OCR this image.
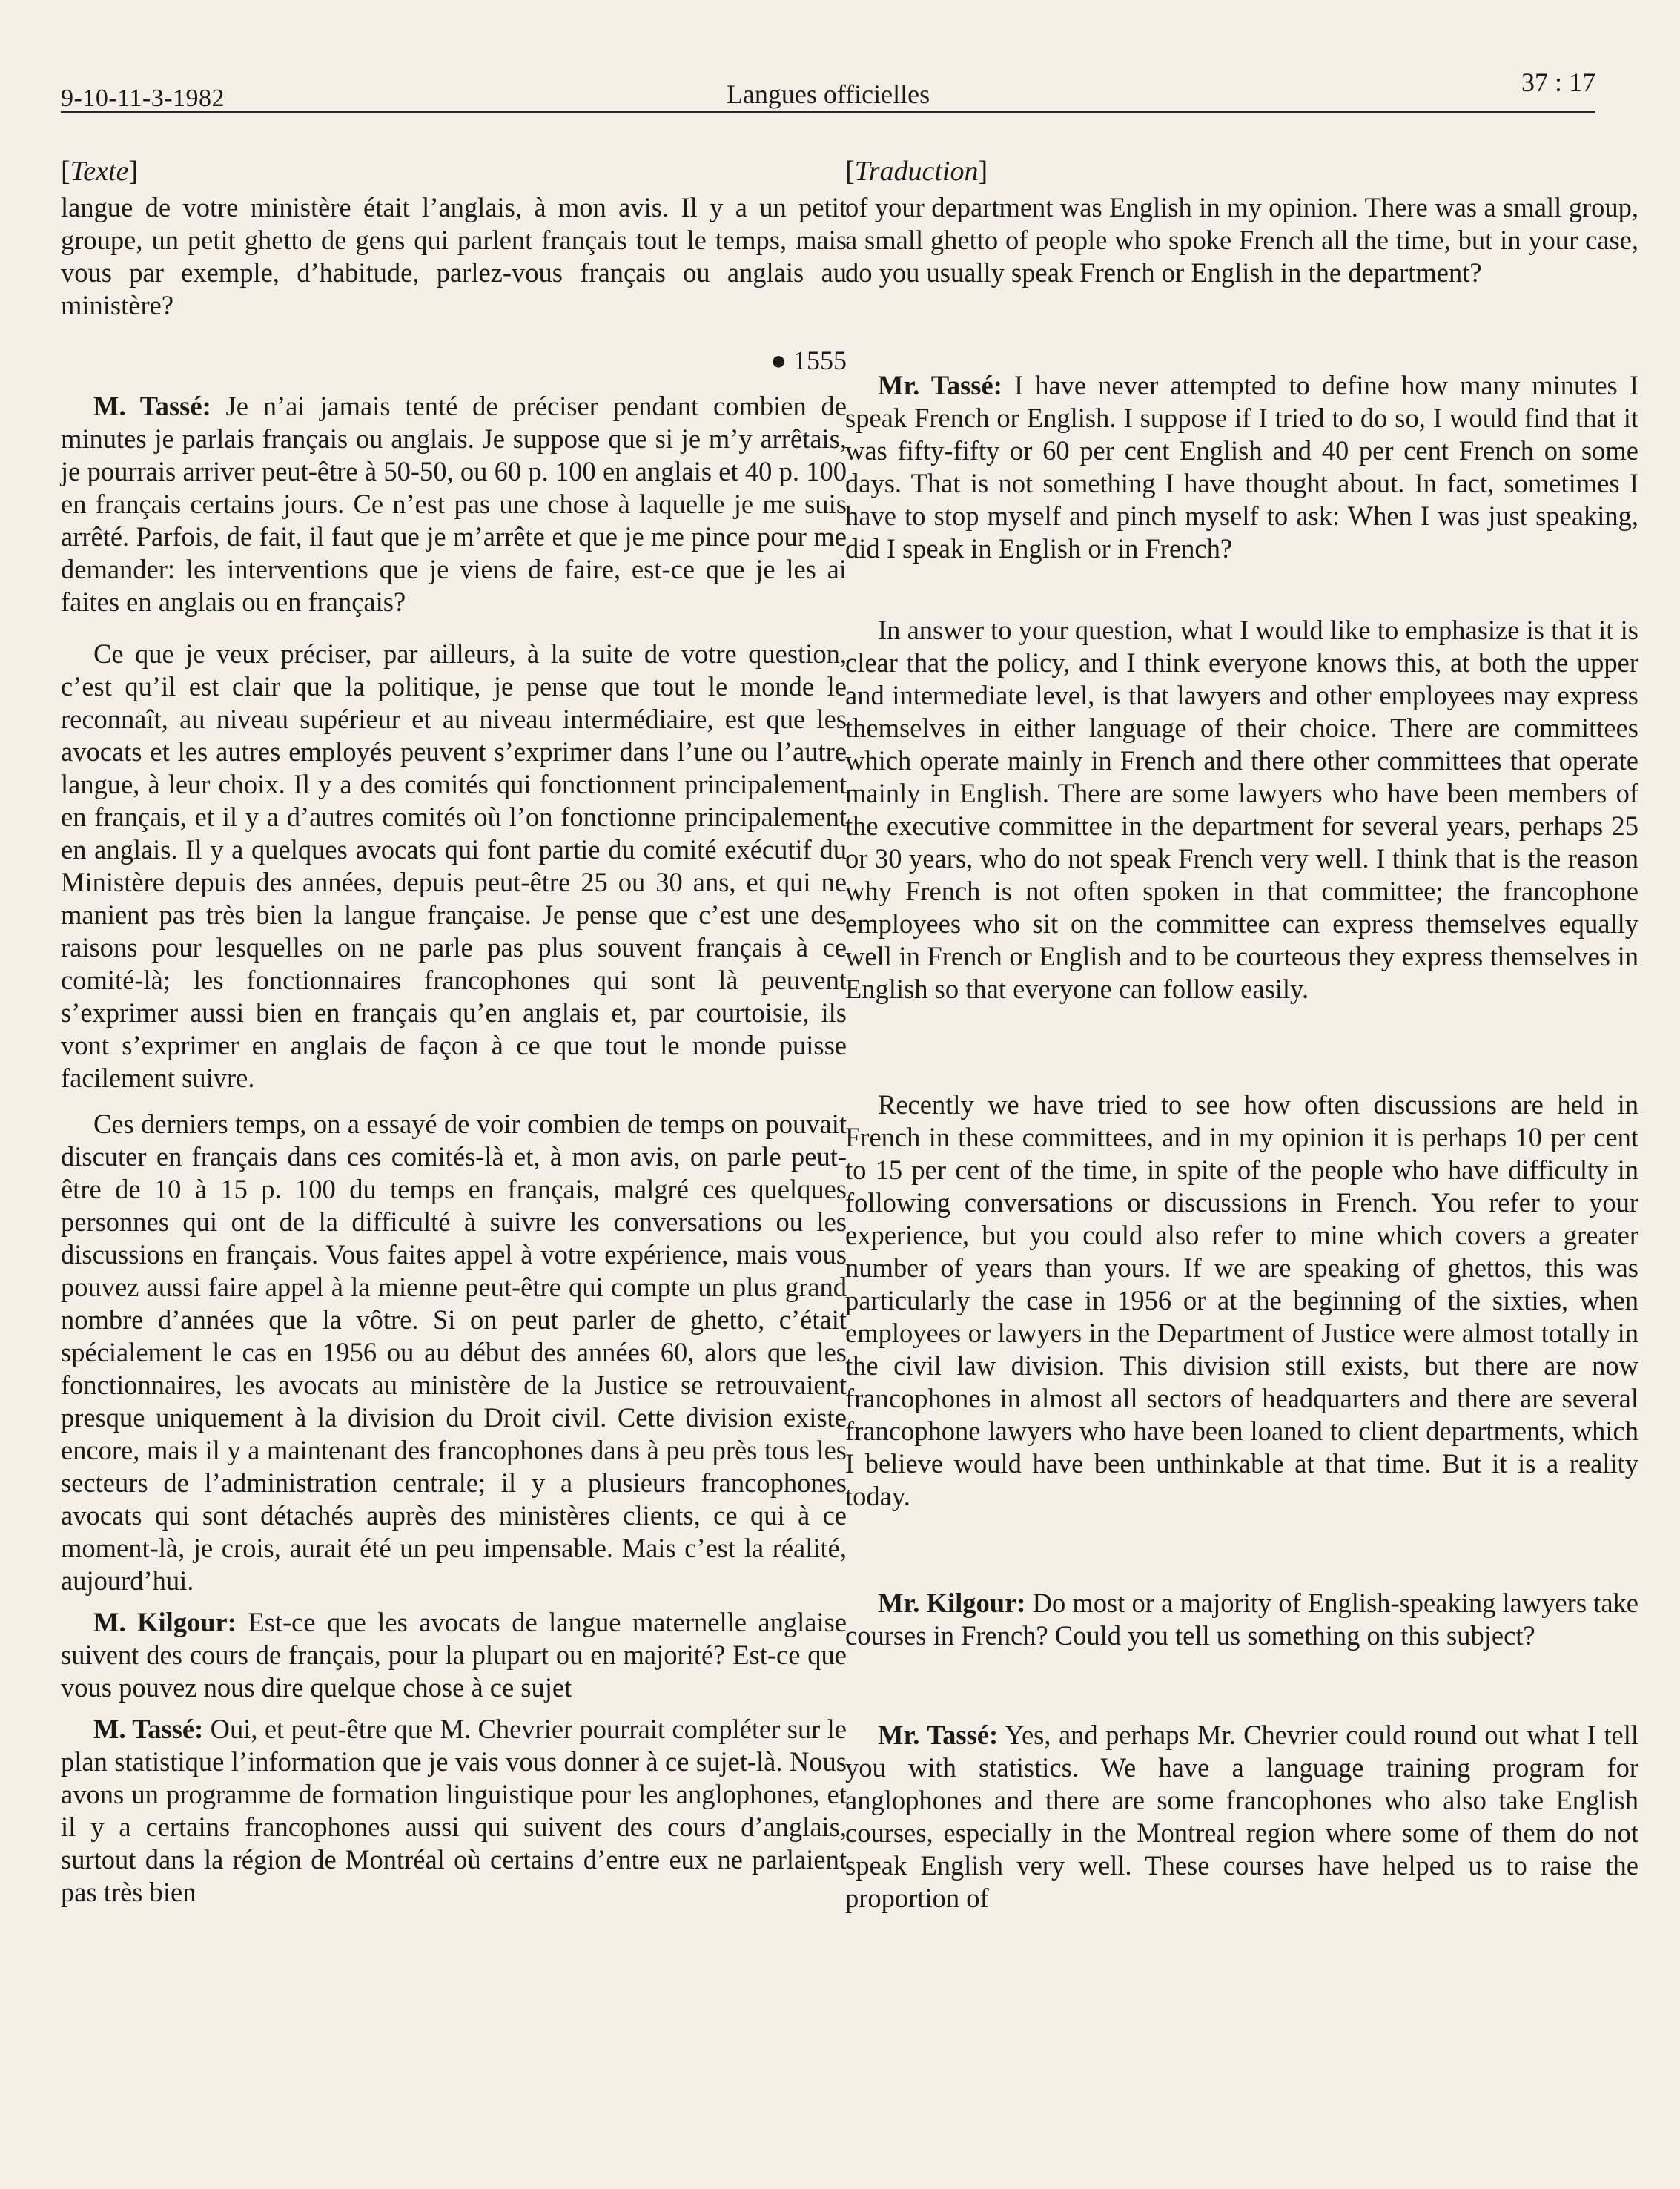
9-10-11-3-1982	Langues officielles	37 : 17
[Texte]

langue de votre ministère était l’anglais, à mon avis. Il y a un petit groupe, un petit ghetto de gens qui parlent français tout le temps, mais vous par exemple, d’habitude, parlez-vous français ou anglais au ministère?

● 1555

M. Tassé: Je n’ai jamais tenté de préciser pendant combien de minutes je parlais français ou anglais. Je suppose que si je m’y arrêtais, je pourrais arriver peut-être à 50-50, ou 60 p. 100 en anglais et 40 p. 100 en français certains jours. Ce n’est pas une chose à laquelle je me suis arrêté. Parfois, de fait, il faut que je m’arrête et que je me pince pour me demander: les interventions que je viens de faire, est-ce que je les ai faites en anglais ou en français?

Ce que je veux préciser, par ailleurs, à la suite de votre question, c’est qu’il est clair que la politique, je pense que tout le monde le reconnaît, au niveau supérieur et au niveau intermédiaire, est que les avocats et les autres employés peuvent s’exprimer dans l’une ou l’autre langue, à leur choix. Il y a des comités qui fonctionnent principalement en français, et il y a d’autres comités où l’on fonctionne principalement en anglais. Il y a quelques avocats qui font partie du comité exécutif du Ministère depuis des années, depuis peut-être 25 ou 30 ans, et qui ne manient pas très bien la langue française. Je pense que c’est une des raisons pour lesquelles on ne parle pas plus souvent français à ce comité-là; les fonctionnaires francophones qui sont là peuvent s’exprimer aussi bien en français qu’en anglais et, par courtoisie, ils vont s’exprimer en anglais de façon à ce que tout le monde puisse facilement suivre.

Ces derniers temps, on a essayé de voir combien de temps on pouvait discuter en français dans ces comités-là et, à mon avis, on parle peut-être de 10 à 15 p. 100 du temps en français, malgré ces quelques personnes qui ont de la difficulté à suivre les conversations ou les discussions en français. Vous faites appel à votre expérience, mais vous pouvez aussi faire appel à la mienne peut-être qui compte un plus grand nombre d’années que la vôtre. Si on peut parler de ghetto, c’était spécialement le cas en 1956 ou au début des années 60, alors que les fonctionnaires, les avocats au ministère de la Justice se retrouvaient presque uniquement à la division du Droit civil. Cette division existe encore, mais il y a maintenant des francophones dans à peu près tous les secteurs de l’administration centrale; il y a plusieurs francophones avocats qui sont détachés auprès des ministères clients, ce qui à ce moment-là, je crois, aurait été un peu impensable. Mais c’est la réalité, aujourd’hui.

M. Kilgour: Est-ce que les avocats de langue maternelle anglaise suivent des cours de français, pour la plupart ou en majorité? Est-ce que vous pouvez nous dire quelque chose à ce sujet

M. Tassé: Oui, et peut-être que M. Chevrier pourrait compléter sur le plan statistique l’information que je vais vous donner à ce sujet-là. Nous avons un programme de formation linguistique pour les anglophones, et il y a certains francophones aussi qui suivent des cours d’anglais, surtout dans la région de Montréal où certains d’entre eux ne parlaient pas très bien

[Traduction]

of your department was English in my opinion. There was a small group, a small ghetto of people who spoke French all the time, but in your case, do you usually speak French or English in the department?

Mr. Tassé: I have never attempted to define how many minutes I speak French or English. I suppose if I tried to do so, I would find that it was fifty-fifty or 60 per cent English and 40 per cent French on some days. That is not something I have thought about. In fact, sometimes I have to stop myself and pinch myself to ask: When I was just speaking, did I speak in English or in French?

In answer to your question, what I would like to emphasize is that it is clear that the policy, and I think everyone knows this, at both the upper and intermediate level, is that lawyers and other employees may express themselves in either language of their choice. There are committees which operate mainly in French and there other committees that operate mainly in English. There are some lawyers who have been members of the executive committee in the department for several years, perhaps 25 or 30 years, who do not speak French very well. I think that is the reason why French is not often spoken in that committee; the francophone employees who sit on the committee can express themselves equally well in French or English and to be courteous they express themselves in English so that everyone can follow easily.

Recently we have tried to see how often discussions are held in French in these committees, and in my opinion it is perhaps 10 per cent to 15 per cent of the time, in spite of the people who have difficulty in following conversations or discussions in French. You refer to your experience, but you could also refer to mine which covers a greater number of years than yours. If we are speaking of ghettos, this was particularly the case in 1956 or at the beginning of the sixties, when employees or lawyers in the Department of Justice were almost totally in the civil law division. This division still exists, but there are now francophones in almost all sectors of headquarters and there are several francophone lawyers who have been loaned to client departments, which I believe would have been unthinkable at that time. But it is a reality today.

Mr. Kilgour: Do most or a majority of English-speaking lawyers take courses in French? Could you tell us something on this subject?

Mr. Tassé: Yes, and perhaps Mr. Chevrier could round out what I tell you with statistics. We have a language training program for anglophones and there are some francophones who also take English courses, especially in the Montreal region where some of them do not speak English very well. These courses have helped us to raise the proportion of
